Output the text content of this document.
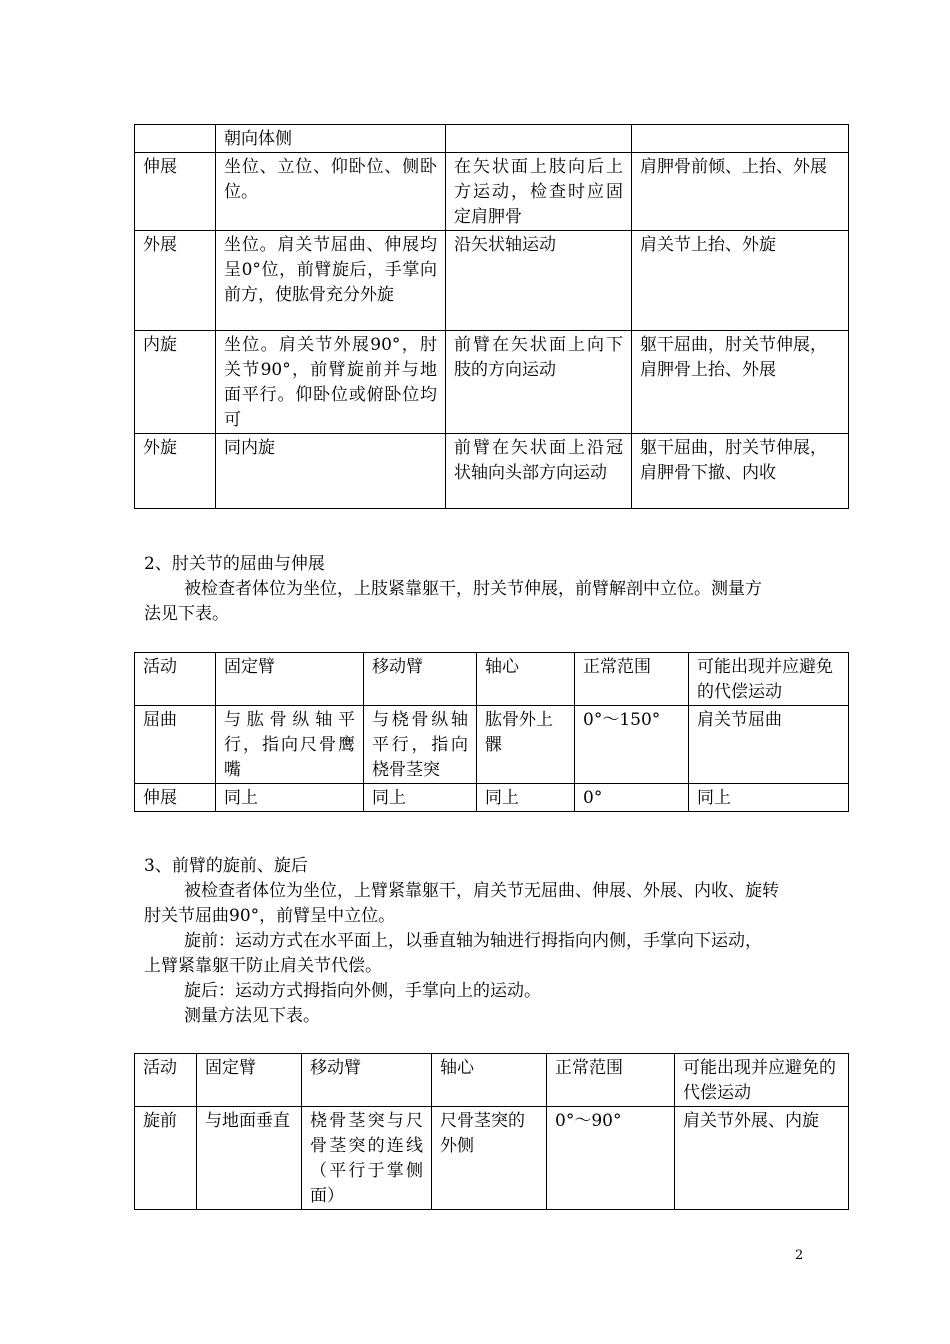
	朝向体侧		
伸展	坐位、立位、仰卧位、侧卧位。	在矢状面上肢向后上方运动，检查时应固定肩胛骨	肩胛骨前倾、上抬、外展
外展	坐位。肩关节屈曲、伸展均呈0°位，前臂旋后，手掌向前方，使肱骨充分外旋	沿矢状轴运动	肩关节上抬、外旋
内旋	坐位。肩关节外展90°，肘关节90°，前臂旋前并与地面平行。仰卧位或俯卧位均可	前臂在矢状面上向下肢的方向运动	躯干屈曲，肘关节伸展，肩胛骨上抬、外展
外旋	同内旋	前臂在矢状面上沿冠状轴向头部方向运动	躯干屈曲，肘关节伸展，肩胛骨下撤、内收
2、肘关节的屈曲与伸展
被检查者体位为坐位，上肢紧靠躯干，肘关节伸展，前臂解剖中立位。测量方
法见下表。
活动	固定臂	移动臂	轴心	正常范围	可能出现并应避免的代偿运动
屈曲	与肱骨纵轴平行，指向尺骨鹰嘴	与桡骨纵轴平行，指向桡骨茎突	肱骨外上髁	0°～150°	肩关节屈曲
伸展	同上	同上	同上	0°	同上
3、前臂的旋前、旋后
被检查者体位为坐位，上臂紧靠躯干，肩关节无屈曲、伸展、外展、内收、旋转
肘关节屈曲90°，前臂呈中立位。
旋前：运动方式在水平面上，以垂直轴为轴进行拇指向内侧，手掌向下运动，
上臂紧靠躯干防止肩关节代偿。
旋后：运动方式拇指向外侧，手掌向上的运动。
测量方法见下表。
活动	固定臂	移动臂	轴心	正常范围	可能出现并应避免的代偿运动
旋前	与地面垂直	桡骨茎突与尺骨茎突的连线（平行于掌侧面）	尺骨茎突的外侧	0°～90°	肩关节外展、内旋
2
